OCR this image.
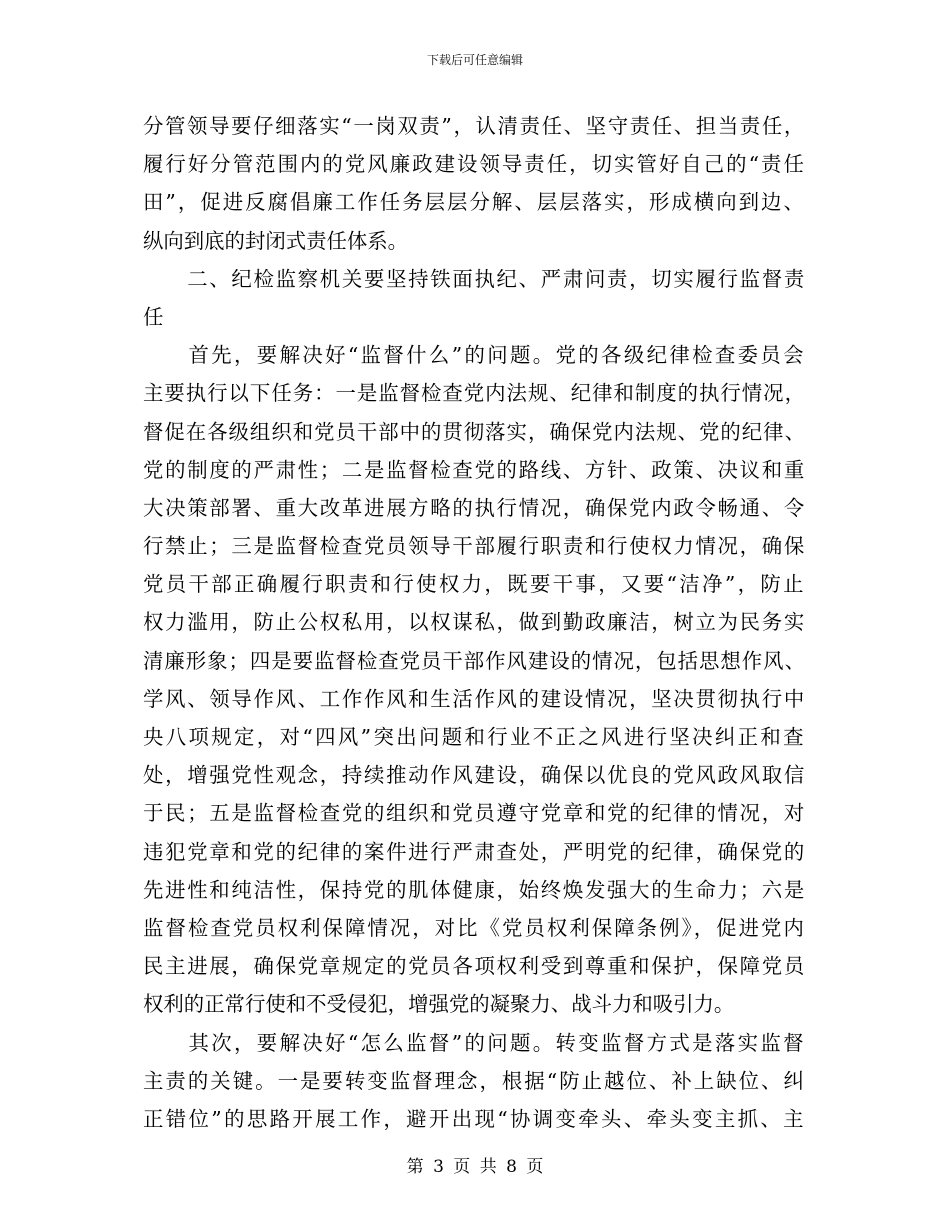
下载后可任意编辑
分管领导要仔细落实“一岗双责”，认清责任、坚守责任、担当责任，
履行好分管范围内的党风廉政建设领导责任，切实管好自己的“责任
田”，促进反腐倡廉工作任务层层分解、层层落实，形成横向到边、
纵向到底的封闭式责任体系。
　　二、纪检监察机关要坚持铁面执纪、严肃问责，切实履行监督责
任
　　首先，要解决好“监督什么”的问题。党的各级纪律检查委员会
主要执行以下任务：一是监督检查党内法规、纪律和制度的执行情况，
督促在各级组织和党员干部中的贯彻落实，确保党内法规、党的纪律、
党的制度的严肃性；二是监督检查党的路线、方针、政策、决议和重
大决策部署、重大改革进展方略的执行情况，确保党内政令畅通、令
行禁止；三是监督检查党员领导干部履行职责和行使权力情况，确保
党员干部正确履行职责和行使权力，既要干事，又要“洁净”，防止
权力滥用，防止公权私用，以权谋私，做到勤政廉洁，树立为民务实
清廉形象；四是要监督检查党员干部作风建设的情况，包括思想作风、
学风、领导作风、工作作风和生活作风的建设情况，坚决贯彻执行中
央八项规定，对“四风”突出问题和行业不正之风进行坚决纠正和查
处，增强党性观念，持续推动作风建设，确保以优良的党风政风取信
于民；五是监督检查党的组织和党员遵守党章和党的纪律的情况，对
违犯党章和党的纪律的案件进行严肃查处，严明党的纪律，确保党的
先进性和纯洁性，保持党的肌体健康，始终焕发强大的生命力；六是
监督检查党员权利保障情况，对比《党员权利保障条例》，促进党内
民主进展，确保党章规定的党员各项权利受到尊重和保护，保障党员
权利的正常行使和不受侵犯，增强党的凝聚力、战斗力和吸引力。
　　其次，要解决好“怎么监督”的问题。转变监督方式是落实监督
主责的关键。一是要转变监督理念，根据“防止越位、补上缺位、纠
正错位”的思路开展工作，避开出现“协调变牵头、牵头变主抓、主
第 3 页 共 8 页
